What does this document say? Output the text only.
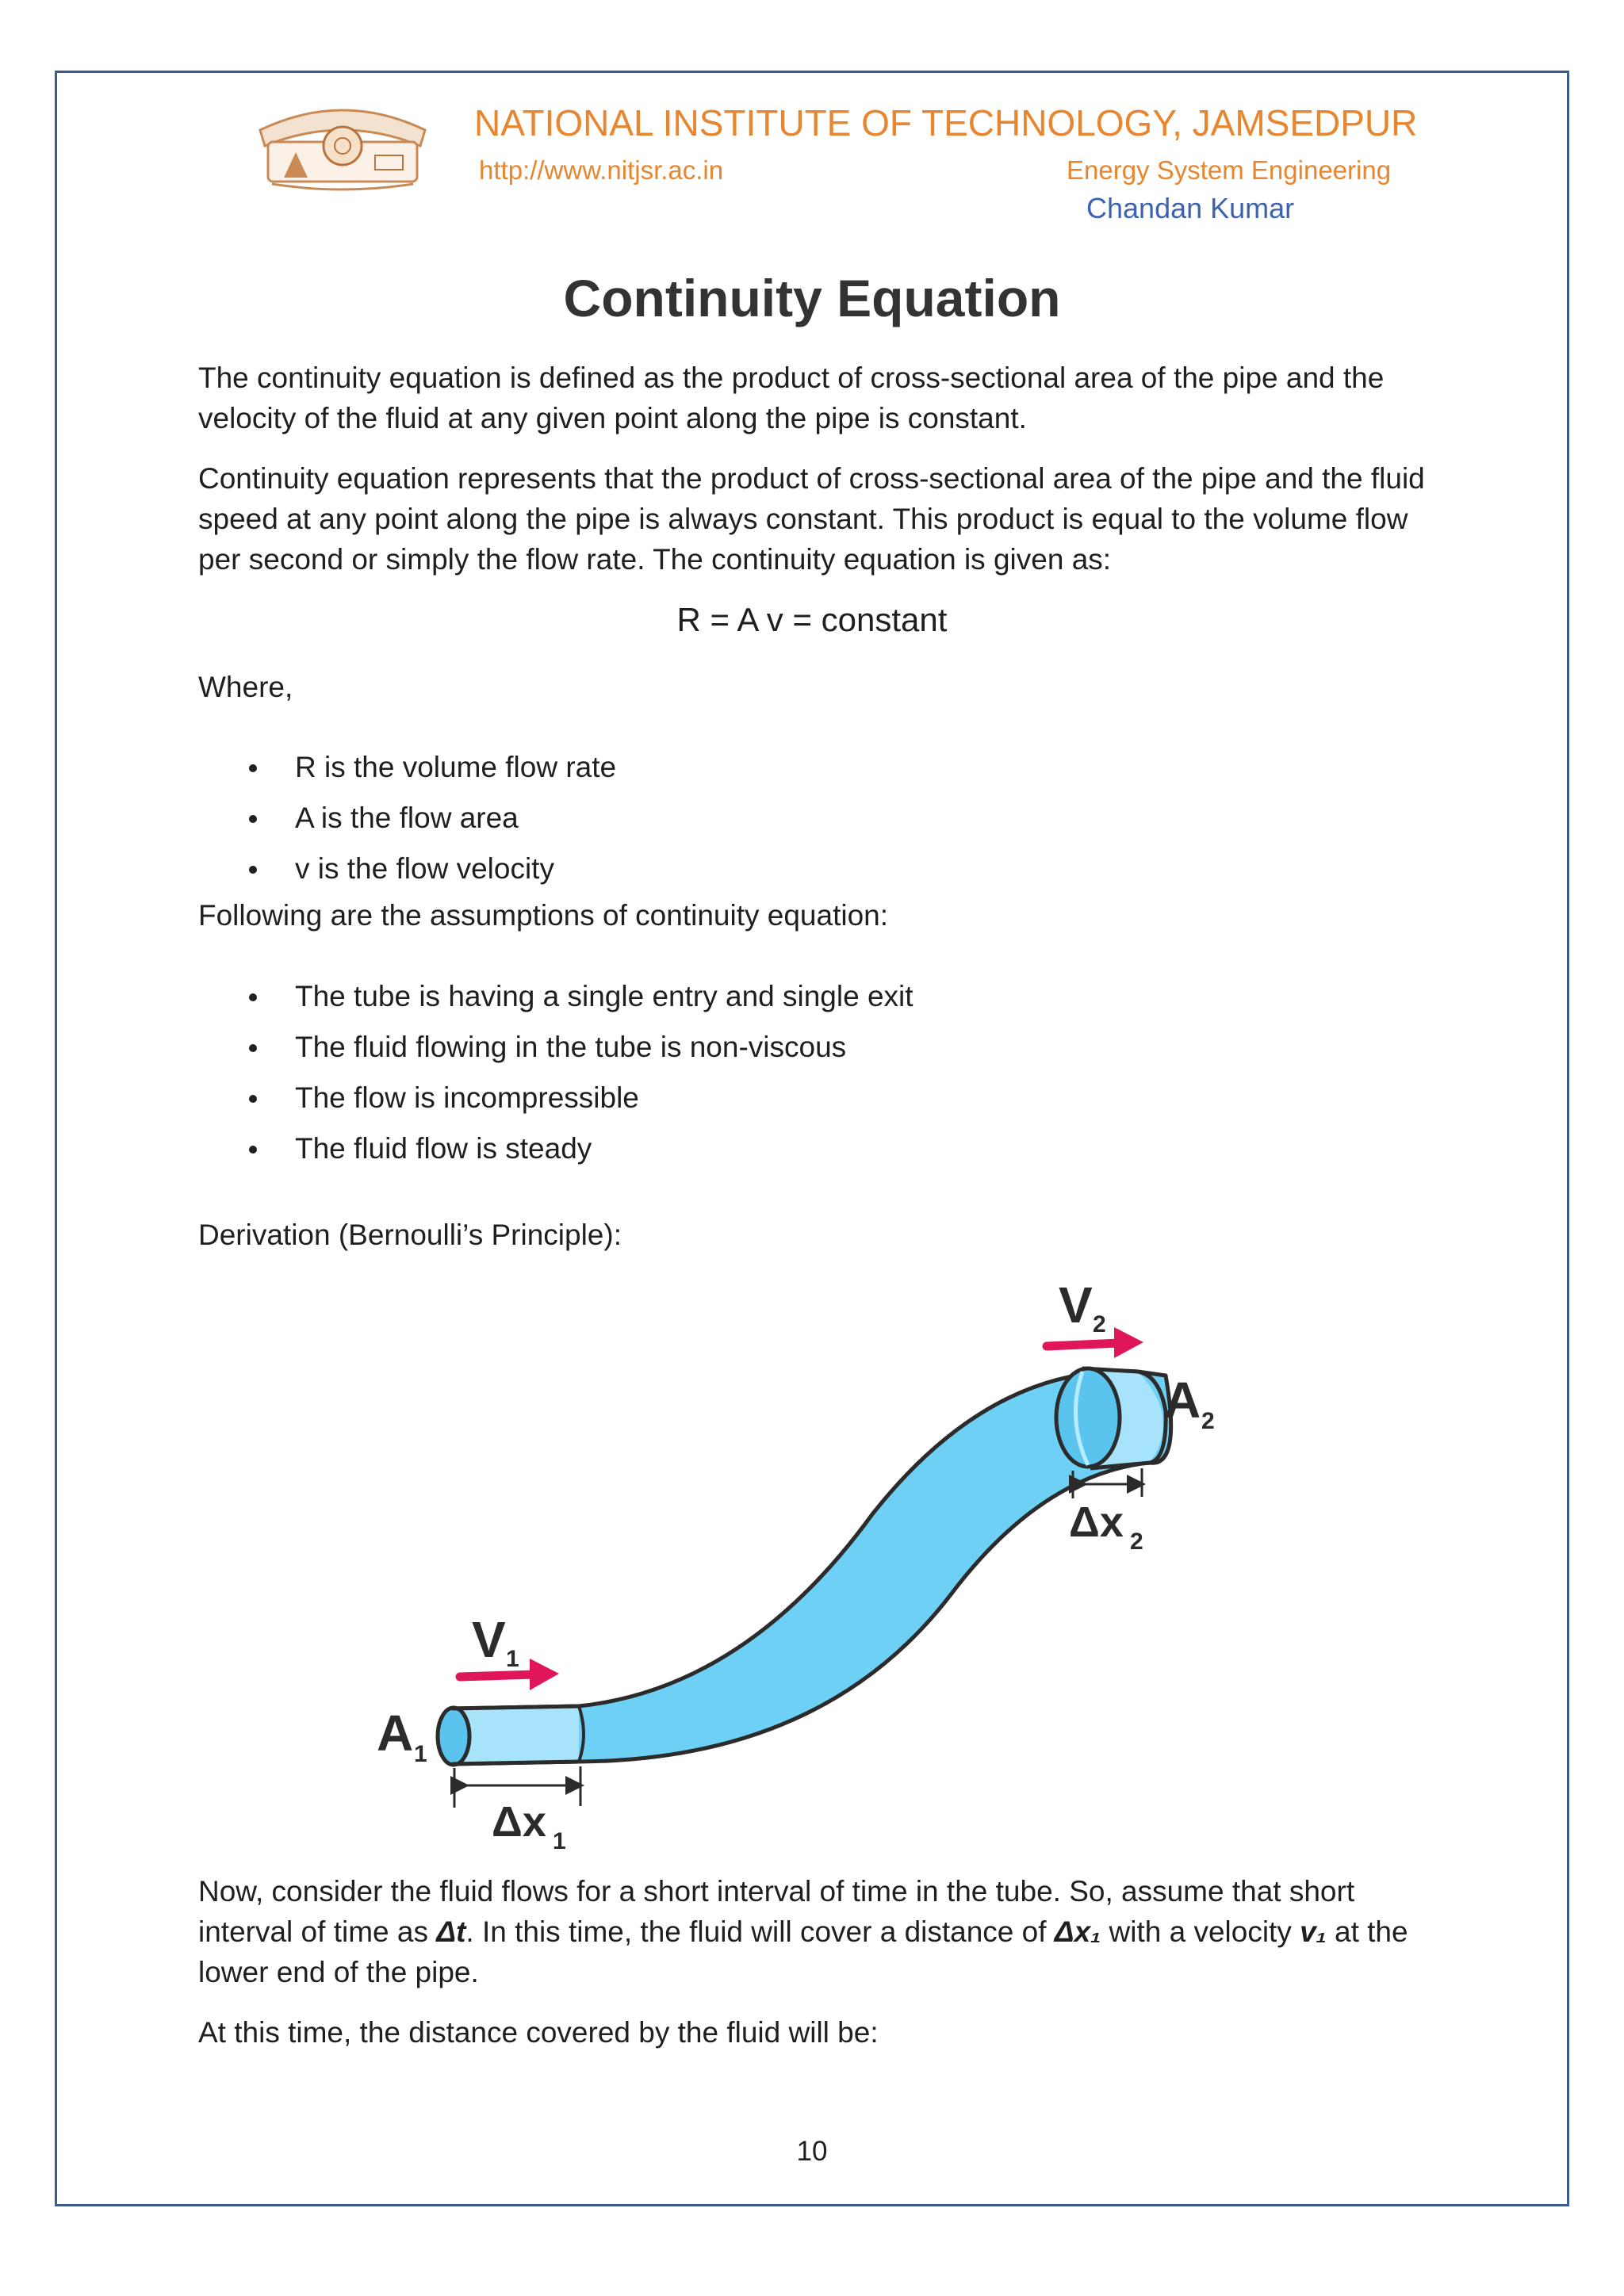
NATIONAL INSTITUTE OF TECHNOLOGY, JAMSEDPUR
http://www.nitjsr.ac.in	Energy System Engineering
Chandan Kumar
Continuity Equation
The continuity equation is defined as the product of cross-sectional area of the pipe and the velocity of the fluid at any given point along the pipe is constant.
Continuity equation represents that the product of cross-sectional area of the pipe and the fluid speed at any point along the pipe is always constant. This product is equal to the volume flow per second or simply the flow rate. The continuity equation is given as:
R = A v = constant
Where,
R is the volume flow rate
A is the flow area
v is the flow velocity
Following are the assumptions of continuity equation:
The tube is having a single entry and single exit
The fluid flowing in the tube is non-viscous
The flow is incompressible
The fluid flow is steady
Derivation (Bernoulli’s Principle):
V 1
V 2
A 1
A 2
Δx 1
Δx 2
Now, consider the fluid flows for a short interval of time in the tube. So, assume that short interval of time as Δt. In this time, the fluid will cover a distance of Δx₁ with a velocity v₁ at the lower end of the pipe.
At this time, the distance covered by the fluid will be:
10
